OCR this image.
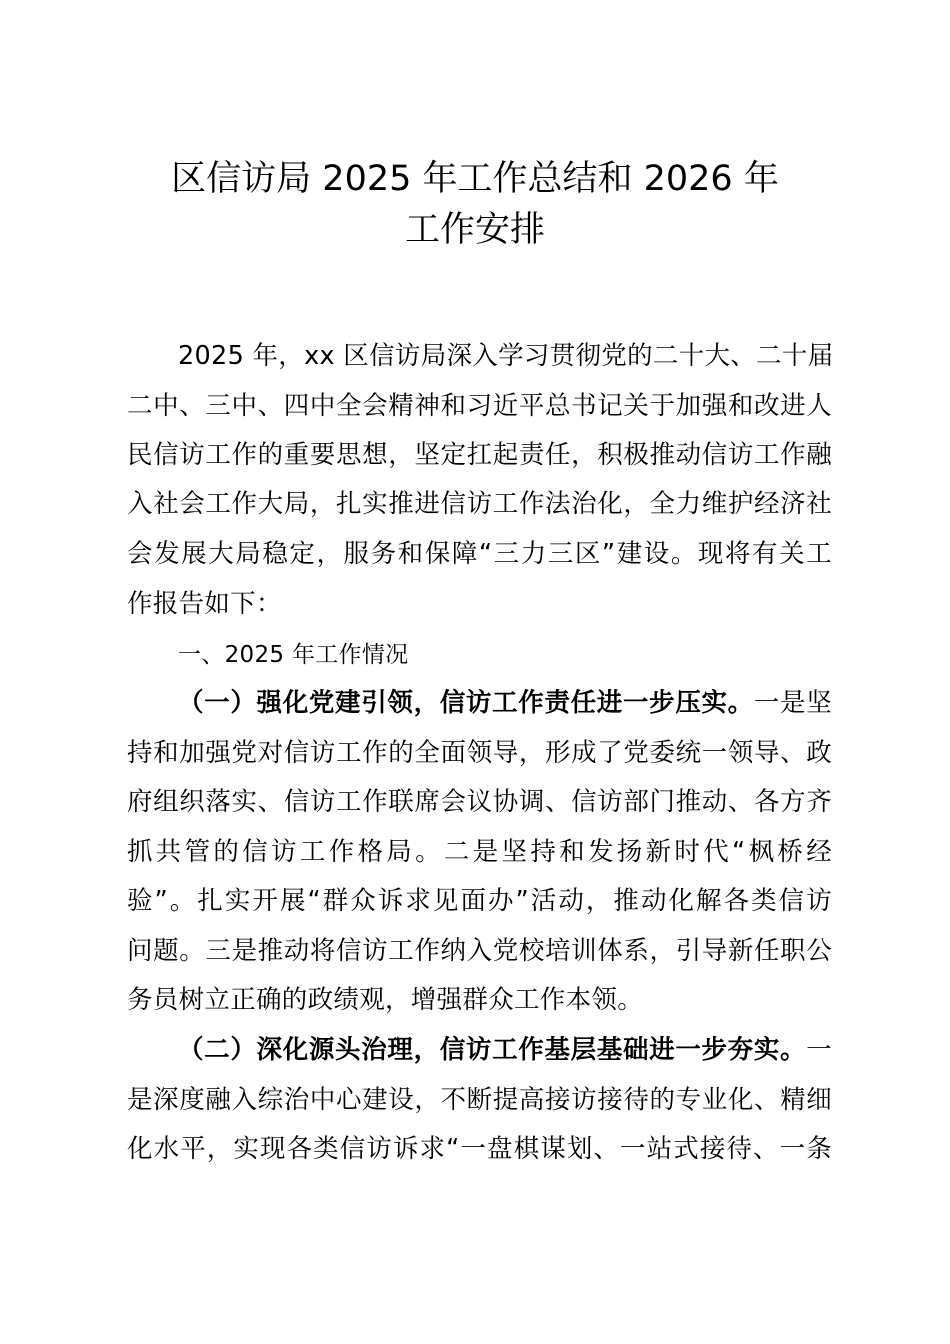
区信访局 2025 年工作总结和 2026 年
工作安排
2025 年，xx 区信访局深入学习贯彻党的二十大、二十届
二中、三中、四中全会精神和习近平总书记关于加强和改进人
民信访工作的重要思想，坚定扛起责任，积极推动信访工作融
入社会工作大局，扎实推进信访工作法治化，全力维护经济社
会发展大局稳定，服务和保障“三力三区”建设。现将有关工
作报告如下：
一、2025 年工作情况
（一）强化党建引领，信访工作责任进一步压实。一是坚
持和加强党对信访工作的全面领导，形成了党委统一领导、政
府组织落实、信访工作联席会议协调、信访部门推动、各方齐
抓共管的信访工作格局。二是坚持和发扬新时代“枫桥经
验”。扎实开展“群众诉求见面办”活动，推动化解各类信访
问题。三是推动将信访工作纳入党校培训体系，引导新任职公
务员树立正确的政绩观，增强群众工作本领。
（二）深化源头治理，信访工作基层基础进一步夯实。一
是深度融入综治中心建设，不断提高接访接待的专业化、精细
化水平，实现各类信访诉求“一盘棋谋划、一站式接待、一条
